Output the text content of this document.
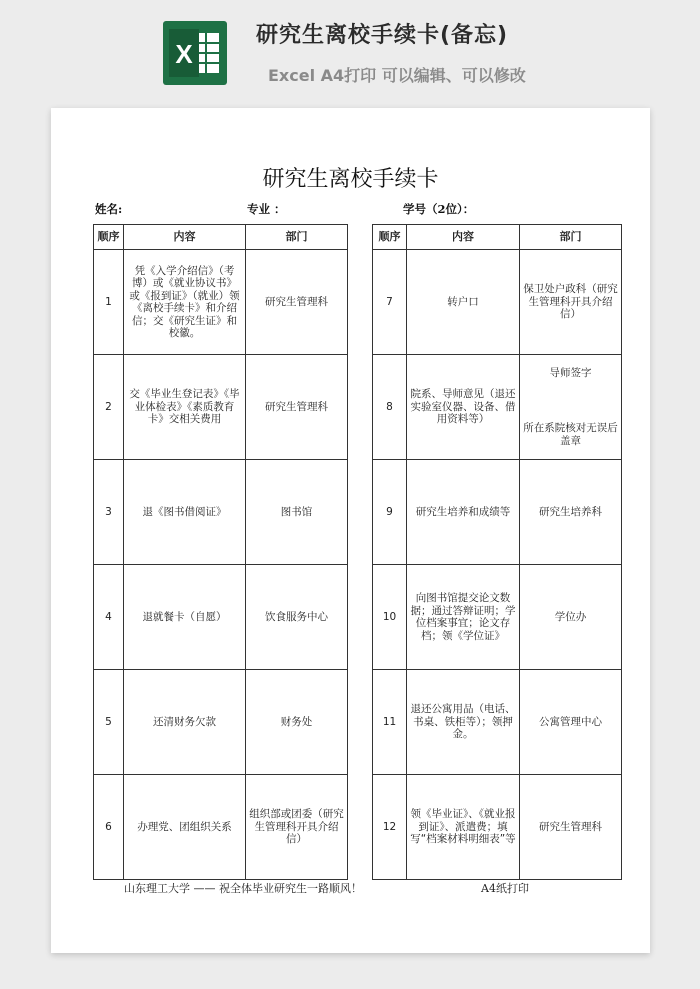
X
研究生离校手续卡(备忘)
Excel A4打印 可以编辑、可以修改
研究生离校手续卡
姓名:	专业 ：	学号（2位）：
顺序	内容	部门
1	凭《入学介绍信》（考博）或《就业协议书》或《报到证》（就业）领《离校手续卡》和介绍信；交《研究生证》和校徽。	研究生管理科
2	交《毕业生登记表》《毕业体检表》《素质教育卡》交相关费用	研究生管理科
3	退《图书借阅证》	图书馆
4	退就餐卡（自愿）	饮食服务中心
5	还清财务欠款	财务处
6	办理党、团组织关系	组织部或团委（研究生管理科开具介绍信）
顺序	内容	部门
7	转户口	保卫处户政科（研究生管理科开具介绍信）
8	院系、导师意见（退还实验室仪器、设备、借用资料等）	导师签字
所在系院核对无误后盖章

9	研究生培养和成绩等	研究生培养科
10	向图书馆提交论文数据；通过答辩证明；学位档案事宜；论文存档；领《学位证》	学位办
11	退还公寓用品（电话、书桌、铁柜等）；领押金。	公寓管理中心
12	领《毕业证》、《就业报到证》、派遣费；填写“档案材料明细表”等	研究生管理科
山东理工大学 —— 祝全体毕业研究生一路顺风！	A4纸打印
